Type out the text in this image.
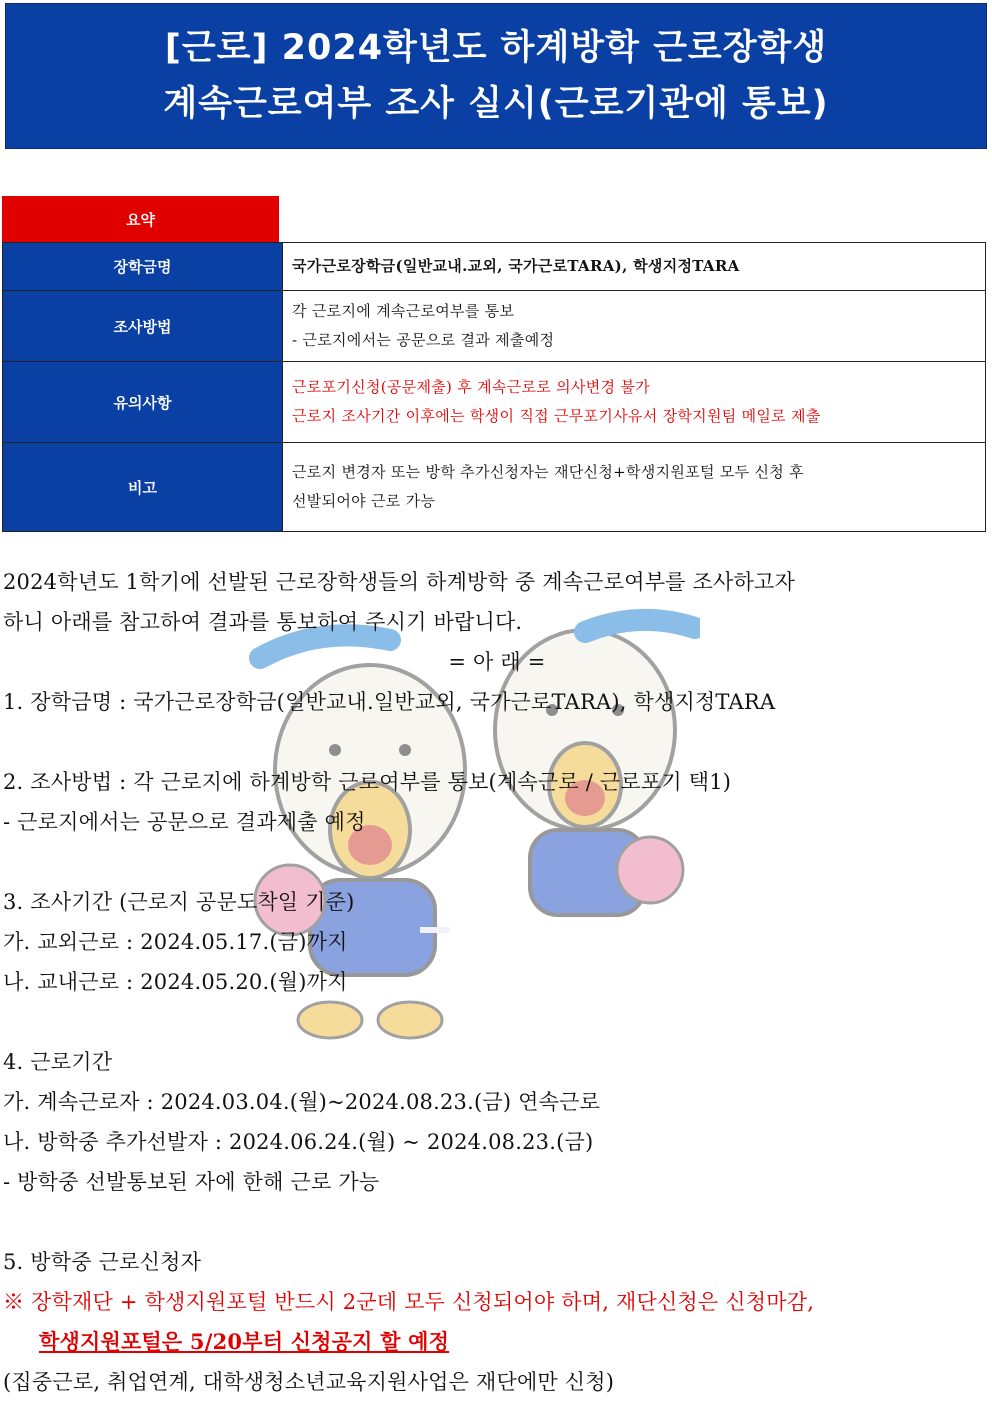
[근로] 2024학년도 하계방학 근로장학생
계속근로여부 조사 실시(근로기관에 통보)
요약
장학금명	국가근로장학금(일반교내.교외, 국가근로TARA), 학생지정TARA

조사방법	각 근로지에 계속근로여부를 통보
- 근로지에서는 공문으로 결과 제출예정

유의사항	근로포기신청(공문제출) 후 계속근로로 의사변경 불가
근로지 조사기간 이후에는 학생이 직접 근무포기사유서 장학지원팀 메일로 제출

비고	근로지 변경자 또는 방학 추가신청자는 재단신청+학생지원포털 모두 신청 후
선발되어야 근로 가능
2024학년도 1학기에 선발된 근로장학생들의 하계방학 중 계속근로여부를 조사하고자
하니 아래를 참고하여 결과를 통보하여 주시기 바랍니다.
= 아 래 =
1. 장학금명 : 국가근로장학금(일반교내.일반교외, 국가근로TARA), 학생지정TARA
2. 조사방법 : 각 근로지에 하계방학 근로여부를 통보(계속근로 / 근로포기 택1)
- 근로지에서는 공문으로 결과제출 예정
3. 조사기간 (근로지 공문도착일 기준)
가. 교외근로 : 2024.05.17.(금)까지
나. 교내근로 : 2024.05.20.(월)까지
4. 근로기간
가. 계속근로자 : 2024.03.04.(월)~2024.08.23.(금) 연속근로
나. 방학중 추가선발자 : 2024.06.24.(월) ~ 2024.08.23.(금)
- 방학중 선발통보된 자에 한해 근로 가능
5. 방학중 근로신청자
※ 장학재단 + 학생지원포털 반드시 2군데 모두 신청되어야 하며, 재단신청은 신청마감,
학생지원포털은 5/20부터 신청공지 할 예정
(집중근로, 취업연계, 대학생청소년교육지원사업은 재단에만 신청)
